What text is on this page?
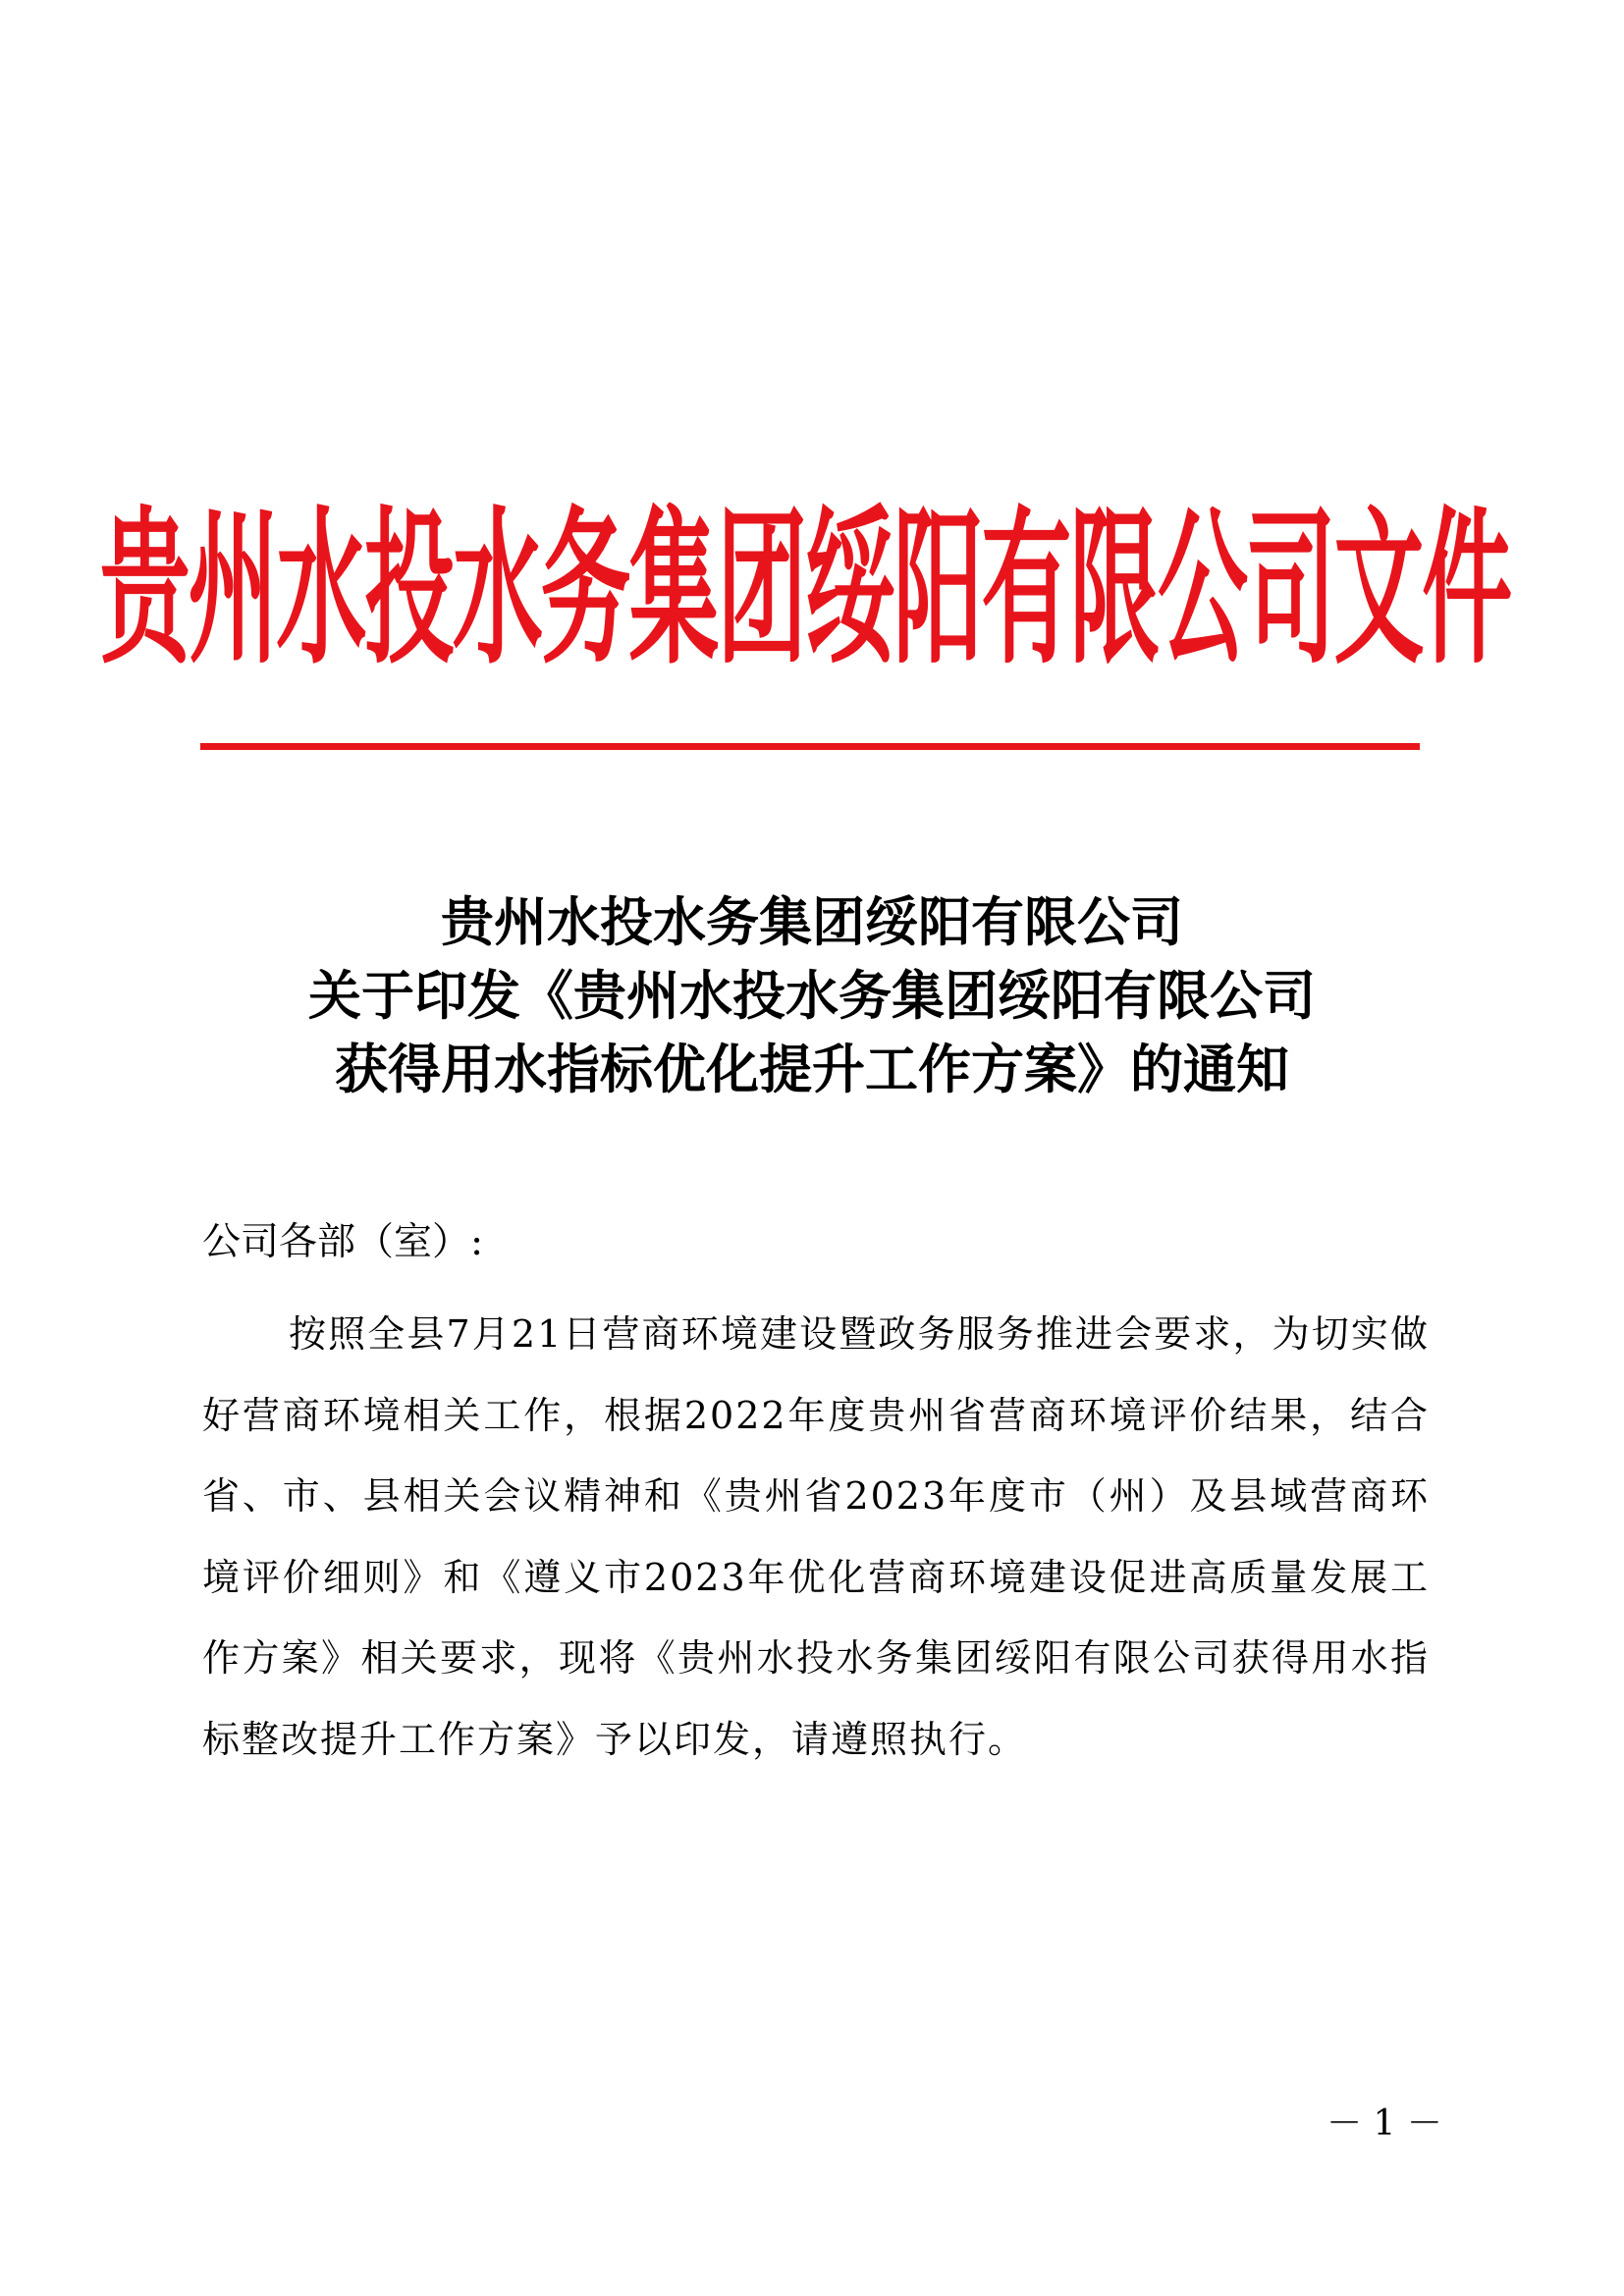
贵州水投水务集团绥阳有限公司文件
贵州水投水务集团绥阳有限公司
关于印发《贵州水投水务集团绥阳有限公司
获得用水指标优化提升工作方案》的通知
公司各部（室）:

按照全县7月21日营商环境建设暨政务服务推进会要求，为切实做好营商环境相关工作，根据2022年度贵州省营商环境评价结果，结合省、市、县相关会议精神和《贵州省2023年度市（州）及县域营商环境评价细则》和《遵义市2023年优化营商环境建设促进高质量发展工作方案》相关要求，现将《贵州水投水务集团绥阳有限公司获得用水指标整改提升工作方案》予以印发，请遵照执行。

－ 1 －
